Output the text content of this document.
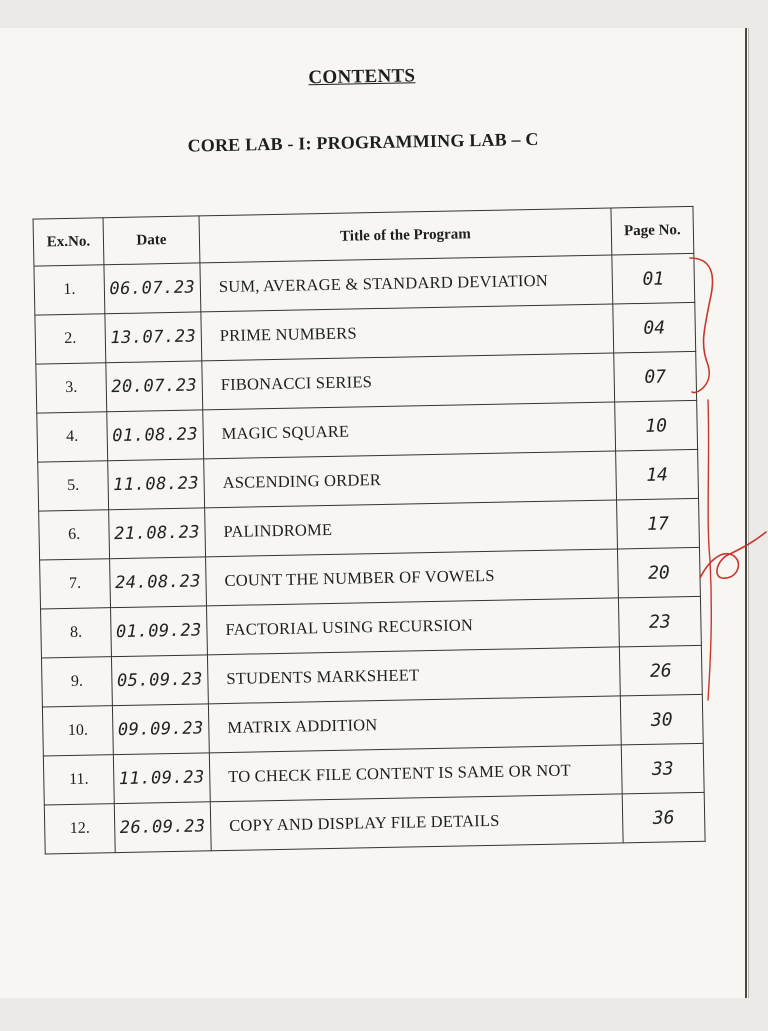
CONTENTS
CORE LAB - I: PROGRAMMING LAB – C
Ex.No.	Date	Title of the Program	Page No.
1.	06.07.23	SUM, AVERAGE & STANDARD DEVIATION	01
2.	13.07.23	PRIME NUMBERS	04
3.	20.07.23	FIBONACCI SERIES	07
4.	01.08.23	MAGIC SQUARE	10
5.	11.08.23	ASCENDING ORDER	14
6.	21.08.23	PALINDROME	17
7.	24.08.23	COUNT THE NUMBER OF VOWELS	20
8.	01.09.23	FACTORIAL USING RECURSION	23
9.	05.09.23	STUDENTS MARKSHEET	26
10.	09.09.23	MATRIX ADDITION	30
11.	11.09.23	TO CHECK FILE CONTENT IS SAME OR NOT	33
12.	26.09.23	COPY AND DISPLAY FILE DETAILS	36
